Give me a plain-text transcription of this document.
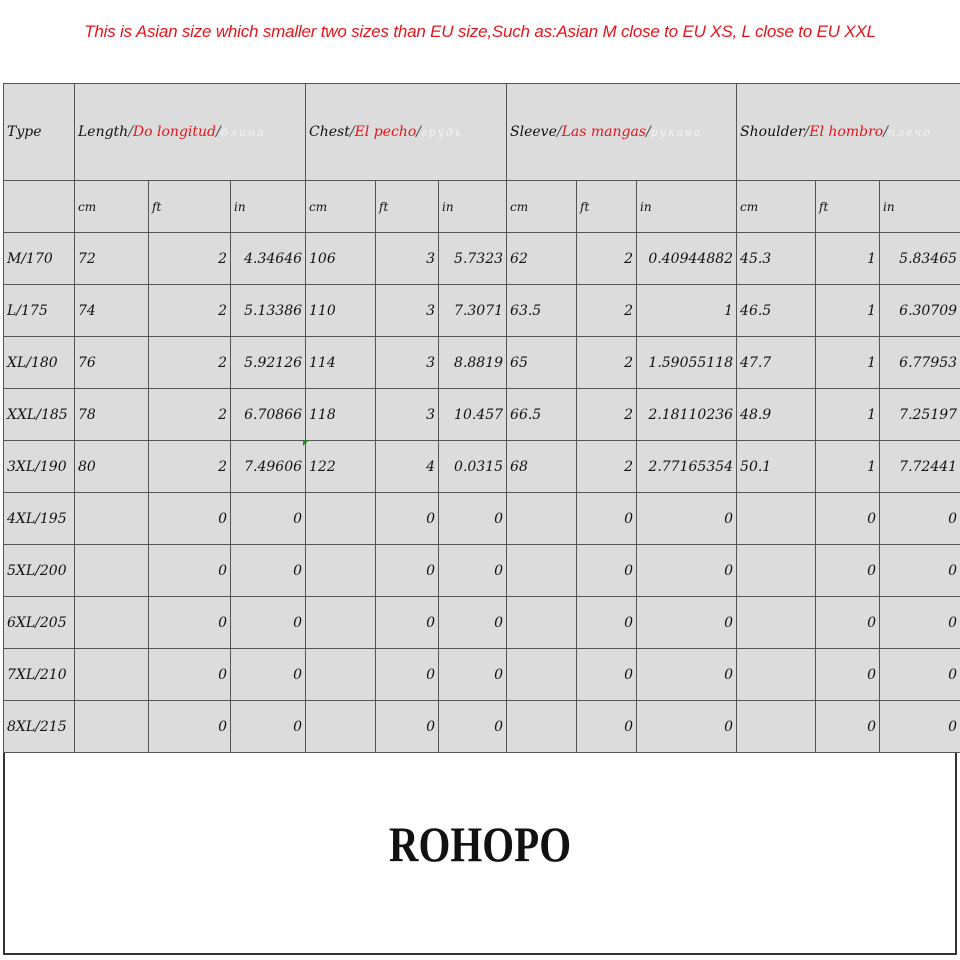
This is Asian size which smaller two sizes than EU size,Such as:Asian M close to EU XS, L close to EU XXL
Type	Length/Do longitud/длина			Chest/El pecho/грудь			Sleeve/Las mangas/рукава			Shoulder/El hombro/плечо		
	cm	ft	in	cm	ft	in	cm	ft	in	cm	ft	in
M/170	72	2	4.34646	106	3	5.7323	62	2	0.40944882	45.3	1	5.83465
L/175	74	2	5.13386	110	3	7.3071	63.5	2	1	46.5	1	6.30709
XL/180	76	2	5.92126	114	3	8.8819	65	2	1.59055118	47.7	1	6.77953
XXL/185	78	2	6.70866	118	3	10.457	66.5	2	2.18110236	48.9	1	7.25197
3XL/190	80	2	7.49606	122	4	0.0315	68	2	2.77165354	50.1	1	7.72441
4XL/195		0	0		0	0		0	0		0	0
5XL/200		0	0		0	0		0	0		0	0
6XL/205		0	0		0	0		0	0		0	0
7XL/210		0	0		0	0		0	0		0	0
8XL/215		0	0		0	0		0	0		0	0
ROHOPO
